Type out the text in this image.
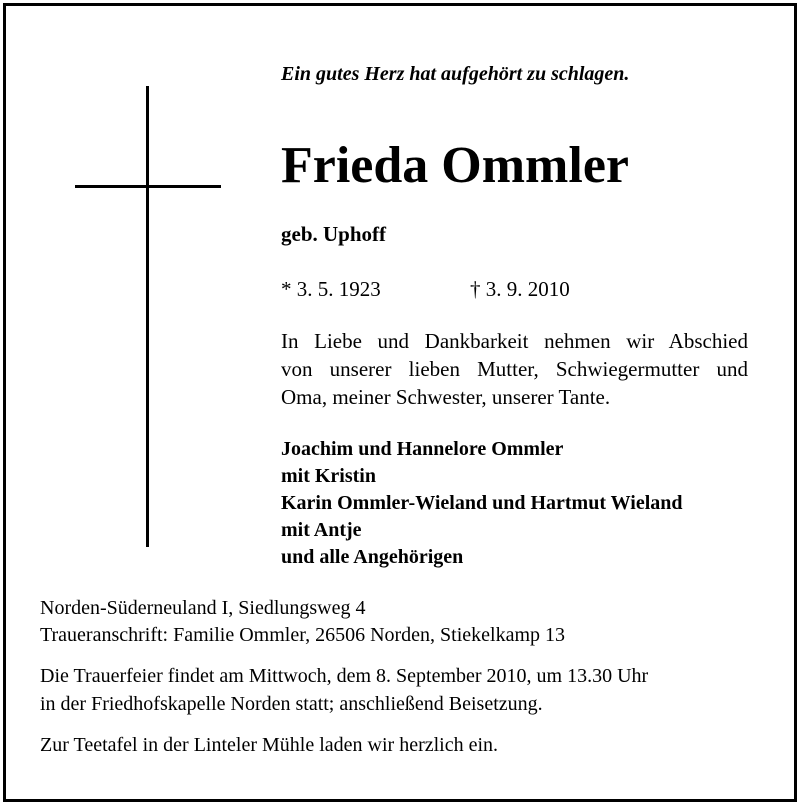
Ein gutes Herz hat aufgehört zu schlagen.
Frieda Ommler
geb. Uphoff
* 3. 5. 1923	† 3. 9. 2010
In Liebe und Dankbarkeit nehmen wir Abschied
von unserer lieben Mutter, Schwiegermutter und
Oma, meiner Schwester, unserer Tante.
Joachim und Hannelore Ommler
mit Kristin
Karin Ommler-Wieland und Hartmut Wieland
mit Antje
und alle Angehörigen
Norden-Süderneuland I, Siedlungsweg 4
Traueranschrift: Familie Ommler, 26506 Norden, Stiekelkamp 13
Die Trauerfeier findet am Mittwoch, dem 8. September 2010, um 13.30 Uhr
in der Friedhofskapelle Norden statt; anschließend Beisetzung.
Zur Teetafel in der Linteler Mühle laden wir herzlich ein.
